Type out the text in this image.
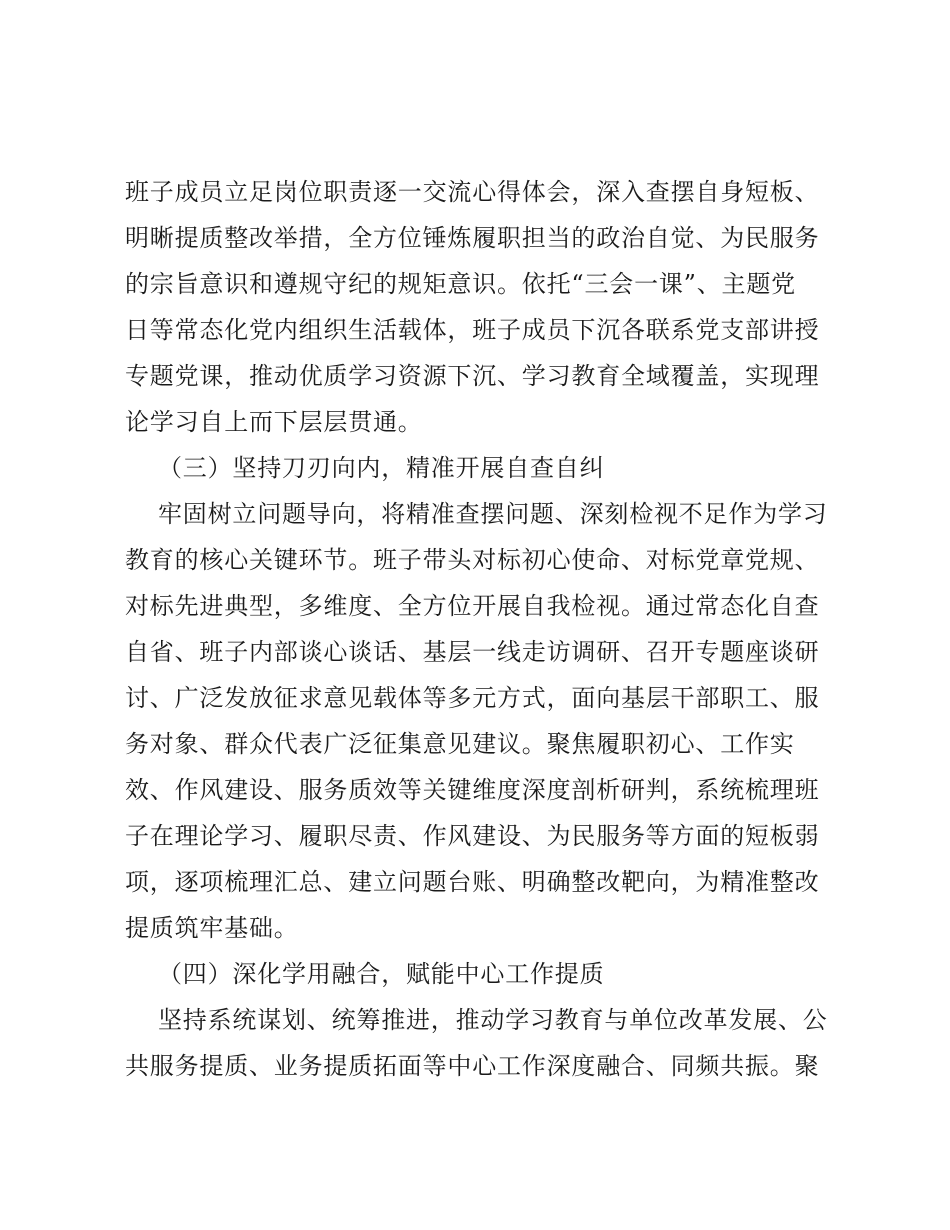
班子成员立足岗位职责逐一交流心得体会，深入查摆自身短板、

明晰提质整改举措，全方位锤炼履职担当的政治自觉、为民服务

的宗旨意识和遵规守纪的规矩意识。依托“三会一课”、主题党

日等常态化党内组织生活载体，班子成员下沉各联系党支部讲授

专题党课，推动优质学习资源下沉、学习教育全域覆盖，实现理

论学习自上而下层层贯通。

（三）坚持刀刃向内，精准开展自查自纠

牢固树立问题导向，将精准查摆问题、深刻检视不足作为学习

教育的核心关键环节。班子带头对标初心使命、对标党章党规、

对标先进典型，多维度、全方位开展自我检视。通过常态化自查

自省、班子内部谈心谈话、基层一线走访调研、召开专题座谈研

讨、广泛发放征求意见载体等多元方式，面向基层干部职工、服

务对象、群众代表广泛征集意见建议。聚焦履职初心、工作实

效、作风建设、服务质效等关键维度深度剖析研判，系统梳理班

子在理论学习、履职尽责、作风建设、为民服务等方面的短板弱

项，逐项梳理汇总、建立问题台账、明确整改靶向，为精准整改

提质筑牢基础。

（四）深化学用融合，赋能中心工作提质

坚持系统谋划、统筹推进，推动学习教育与单位改革发展、公

共服务提质、业务提质拓面等中心工作深度融合、同频共振。聚
